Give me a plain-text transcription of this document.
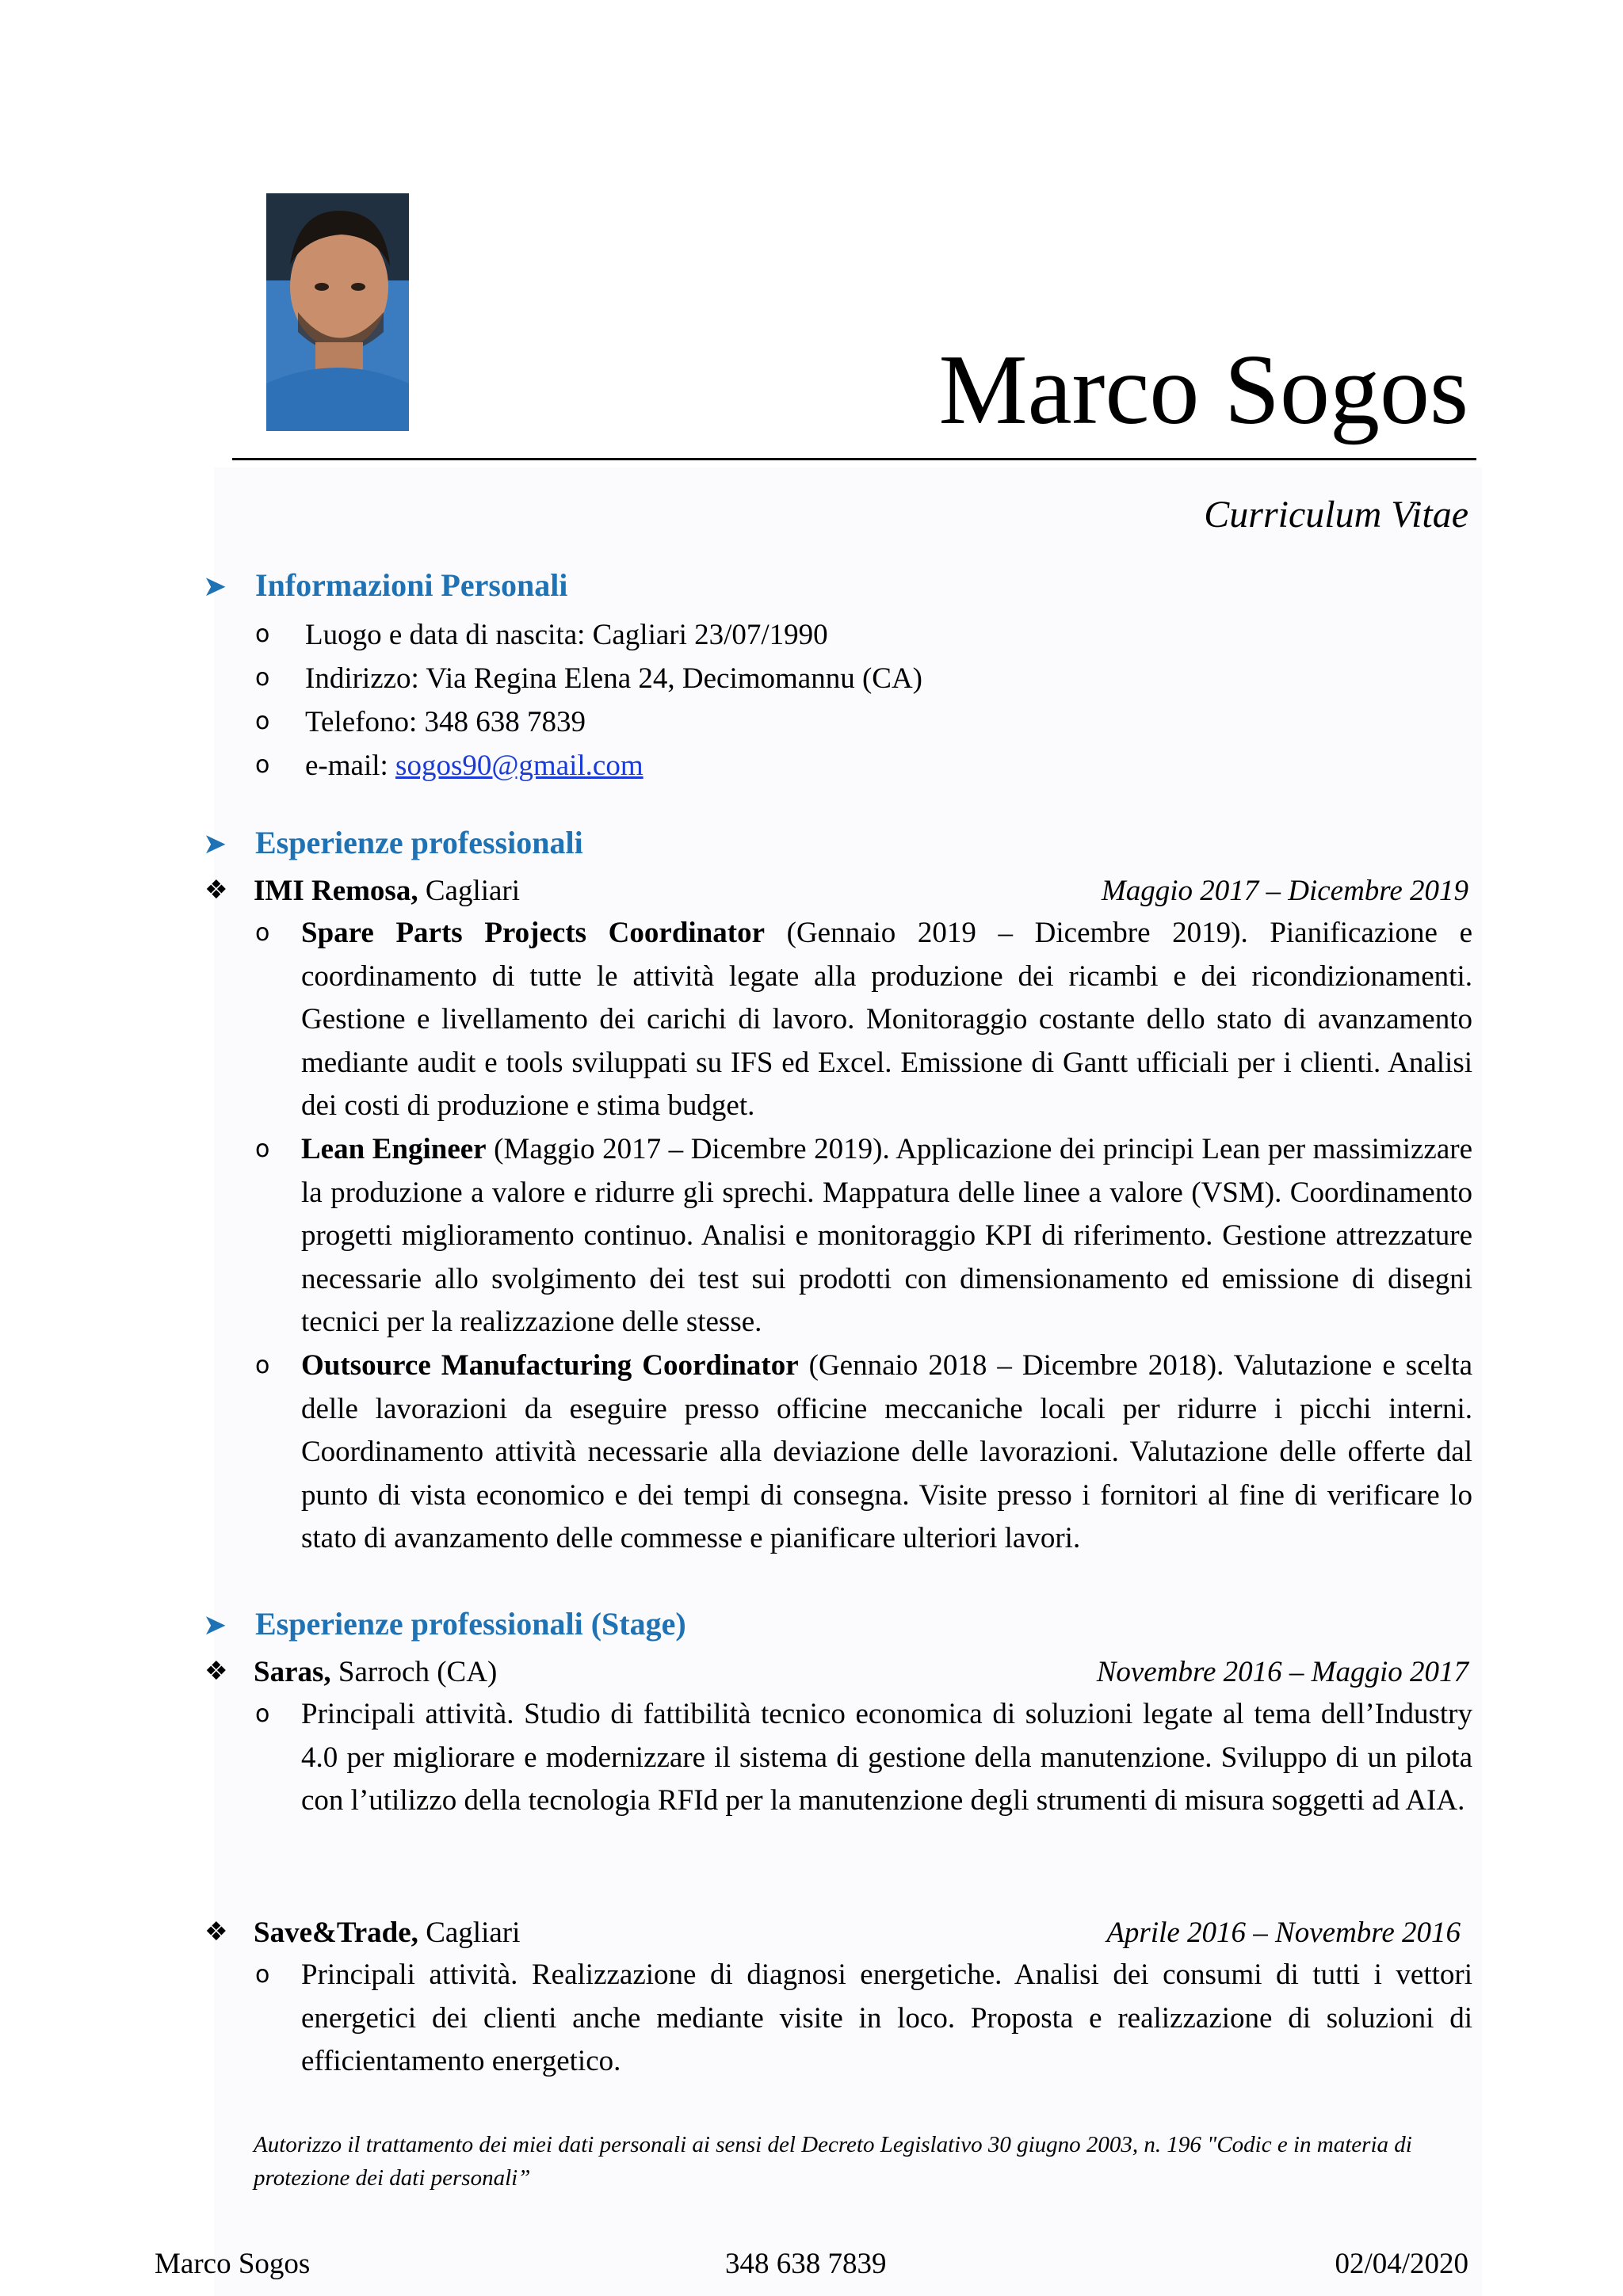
Marco Sogos
Curriculum Vitae
➤ Informazioni Personali
o Luogo e data di nascita: Cagliari 23/07/1990
o Indirizzo: Via Regina Elena 24, Decimomannu (CA)
o Telefono: 348 638 7839
o e-mail: sogos90@gmail.com
➤ Esperienze professionali
❖ IMI Remosa, Cagliari	Maggio 2017 – Dicembre 2019
o Spare Parts Projects Coordinator (Gennaio 2019 – Dicembre 2019). Pianificazione e coordinamento di tutte le attività legate alla produzione dei ricambi e dei ricondizionamenti. Gestione e livellamento dei carichi di lavoro. Monitoraggio costante dello stato di avanzamento mediante audit e tools sviluppati su IFS ed Excel. Emissione di Gantt ufficiali per i clienti. Analisi dei costi di produzione e stima budget.
o Lean Engineer (Maggio 2017 – Dicembre 2019). Applicazione dei principi Lean per massimizzare la produzione a valore e ridurre gli sprechi. Mappatura delle linee a valore (VSM). Coordinamento progetti miglioramento continuo. Analisi e monitoraggio KPI di riferimento. Gestione attrezzature necessarie allo svolgimento dei test sui prodotti con dimensionamento ed emissione di disegni tecnici per la realizzazione delle stesse.
o Outsource Manufacturing Coordinator (Gennaio 2018 – Dicembre 2018). Valutazione e scelta delle lavorazioni da eseguire presso officine meccaniche locali per ridurre i picchi interni. Coordinamento attività necessarie alla deviazione delle lavorazioni. Valutazione delle offerte dal punto di vista economico e dei tempi di consegna. Visite presso i fornitori al fine di verificare lo stato di avanzamento delle commesse e pianificare ulteriori lavori.
➤ Esperienze professionali (Stage)
❖ Saras, Sarroch (CA)	Novembre 2016 – Maggio 2017
o Principali attività. Studio di fattibilità tecnico economica di soluzioni legate al tema dell’Industry 4.0 per migliorare e modernizzare il sistema di gestione della manutenzione. Sviluppo di un pilota con l’utilizzo della tecnologia RFId per la manutenzione degli strumenti di misura soggetti ad AIA.
❖ Save&Trade, Cagliari	Aprile 2016 – Novembre 2016
o Principali attività. Realizzazione di diagnosi energetiche. Analisi dei consumi di tutti i vettori energetici dei clienti anche mediante visite in loco. Proposta e realizzazione di soluzioni di efficientamento energetico.
Autorizzo il trattamento dei miei dati personali ai sensi del Decreto Legislativo 30 giugno 2003, n. 196 "Codic e in materia di protezione dei dati personali”
Marco Sogos	348 638 7839	02/04/2020
